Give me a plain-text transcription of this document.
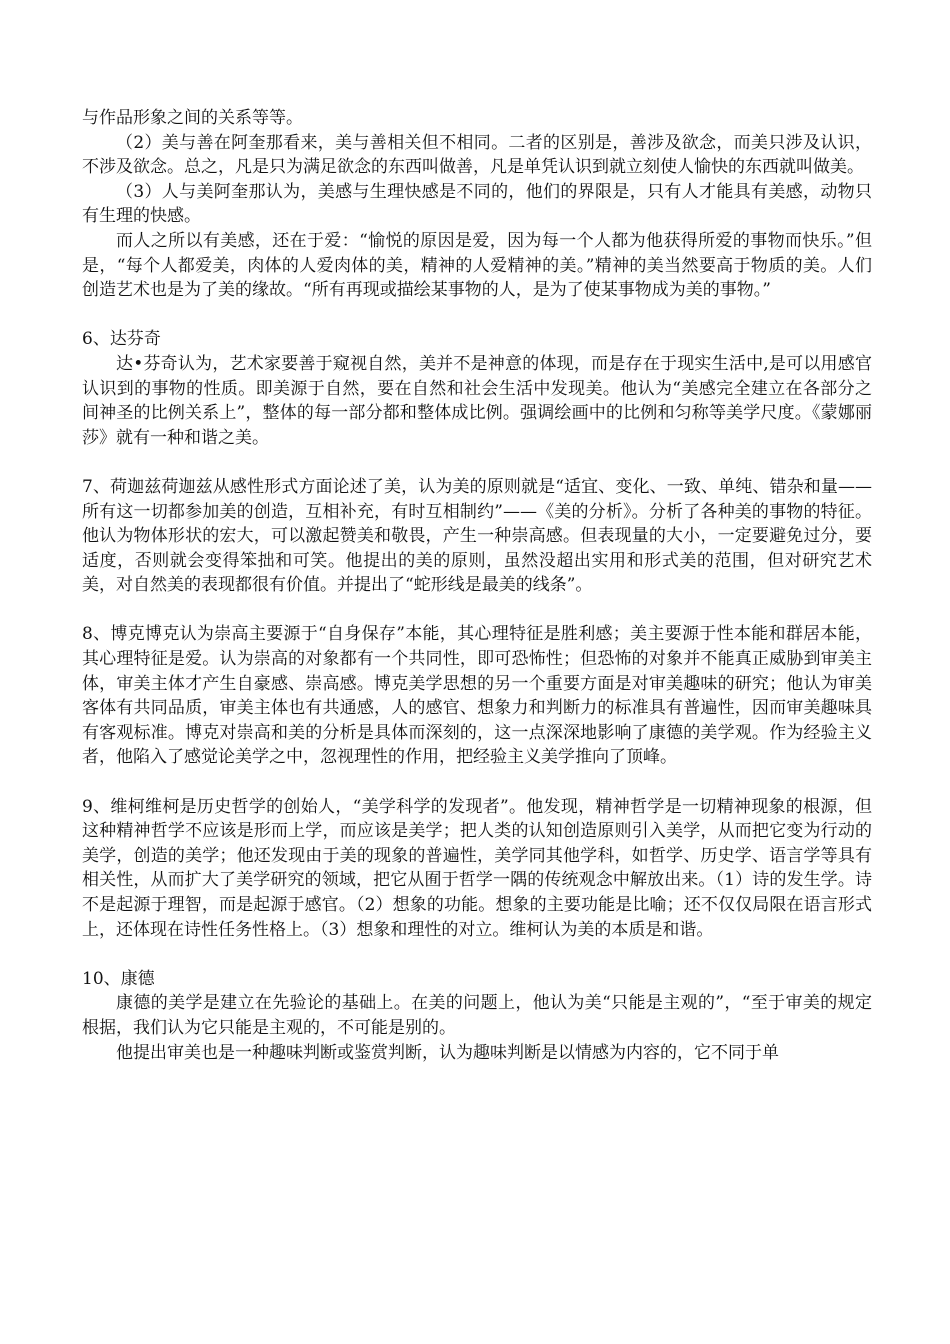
与作品形象之间的关系等等。

（2）美与善在阿奎那看来，美与善相关但不相同。二者的区别是，善涉及欲念，而美只涉及认识，不涉及欲念。总之，凡是只为满足欲念的东西叫做善，凡是单凭认识到就立刻使人愉快的东西就叫做美。

（3）人与美阿奎那认为，美感与生理快感是不同的，他们的界限是，只有人才能具有美感，动物只有生理的快感。

而人之所以有美感，还在于爱：“愉悦的原因是爱，因为每一个人都为他获得所爱的事物而快乐。”但是，“每个人都爱美，肉体的人爱肉体的美，精神的人爱精神的美。”精神的美当然要高于物质的美。人们创造艺术也是为了美的缘故。“所有再现或描绘某事物的人，是为了使某事物成为美的事物。”

6、达芬奇

达•芬奇认为，艺术家要善于窥视自然，美并不是神意的体现，而是存在于现实生活中,是可以用感官认识到的事物的性质。即美源于自然，要在自然和社会生活中发现美。他认为“美感完全建立在各部分之间神圣的比例关系上”，整体的每一部分都和整体成比例。强调绘画中的比例和匀称等美学尺度。《蒙娜丽莎》就有一种和谐之美。

7、荷迦兹荷迦兹从感性形式方面论述了美，认为美的原则就是“适宜、变化、一致、单纯、错杂和量——所有这一切都参加美的创造，互相补充，有时互相制约”——《美的分析》。分析了各种美的事物的特征。他认为物体形状的宏大，可以激起赞美和敬畏，产生一种崇高感。但表现量的大小，一定要避免过分，要适度，否则就会变得笨拙和可笑。他提出的美的原则，虽然没超出实用和形式美的范围，但对研究艺术美，对自然美的表现都很有价值。并提出了“蛇形线是最美的线条”。

8、博克博克认为崇高主要源于“自身保存”本能，其心理特征是胜利感；美主要源于性本能和群居本能，其心理特征是爱。认为崇高的对象都有一个共同性，即可恐怖性；但恐怖的对象并不能真正威胁到审美主体，审美主体才产生自豪感、崇高感。博克美学思想的另一个重要方面是对审美趣味的研究；他认为审美客体有共同品质，审美主体也有共通感，人的感官、想象力和判断力的标准具有普遍性，因而审美趣味具有客观标准。博克对崇高和美的分析是具体而深刻的，这一点深深地影响了康德的美学观。作为经验主义者，他陷入了感觉论美学之中，忽视理性的作用，把经验主义美学推向了顶峰。

9、维柯维柯是历史哲学的创始人，“美学科学的发现者”。他发现，精神哲学是一切精神现象的根源，但这种精神哲学不应该是形而上学，而应该是美学；把人类的认知创造原则引入美学，从而把它变为行动的美学，创造的美学；他还发现由于美的现象的普遍性，美学同其他学科，如哲学、历史学、语言学等具有相关性，从而扩大了美学研究的领域，把它从囿于哲学一隅的传统观念中解放出来。（1）诗的发生学。诗不是起源于理智，而是起源于感官。（2）想象的功能。想象的主要功能是比喻；还不仅仅局限在语言形式上，还体现在诗性任务性格上。（3）想象和理性的对立。维柯认为美的本质是和谐。

10、康德

康德的美学是建立在先验论的基础上。在美的问题上，他认为美“只能是主观的”，“至于审美的规定根据，我们认为它只能是主观的，不可能是别的。

他提出审美也是一种趣味判断或鉴赏判断，认为趣味判断是以情感为内容的，它不同于单
